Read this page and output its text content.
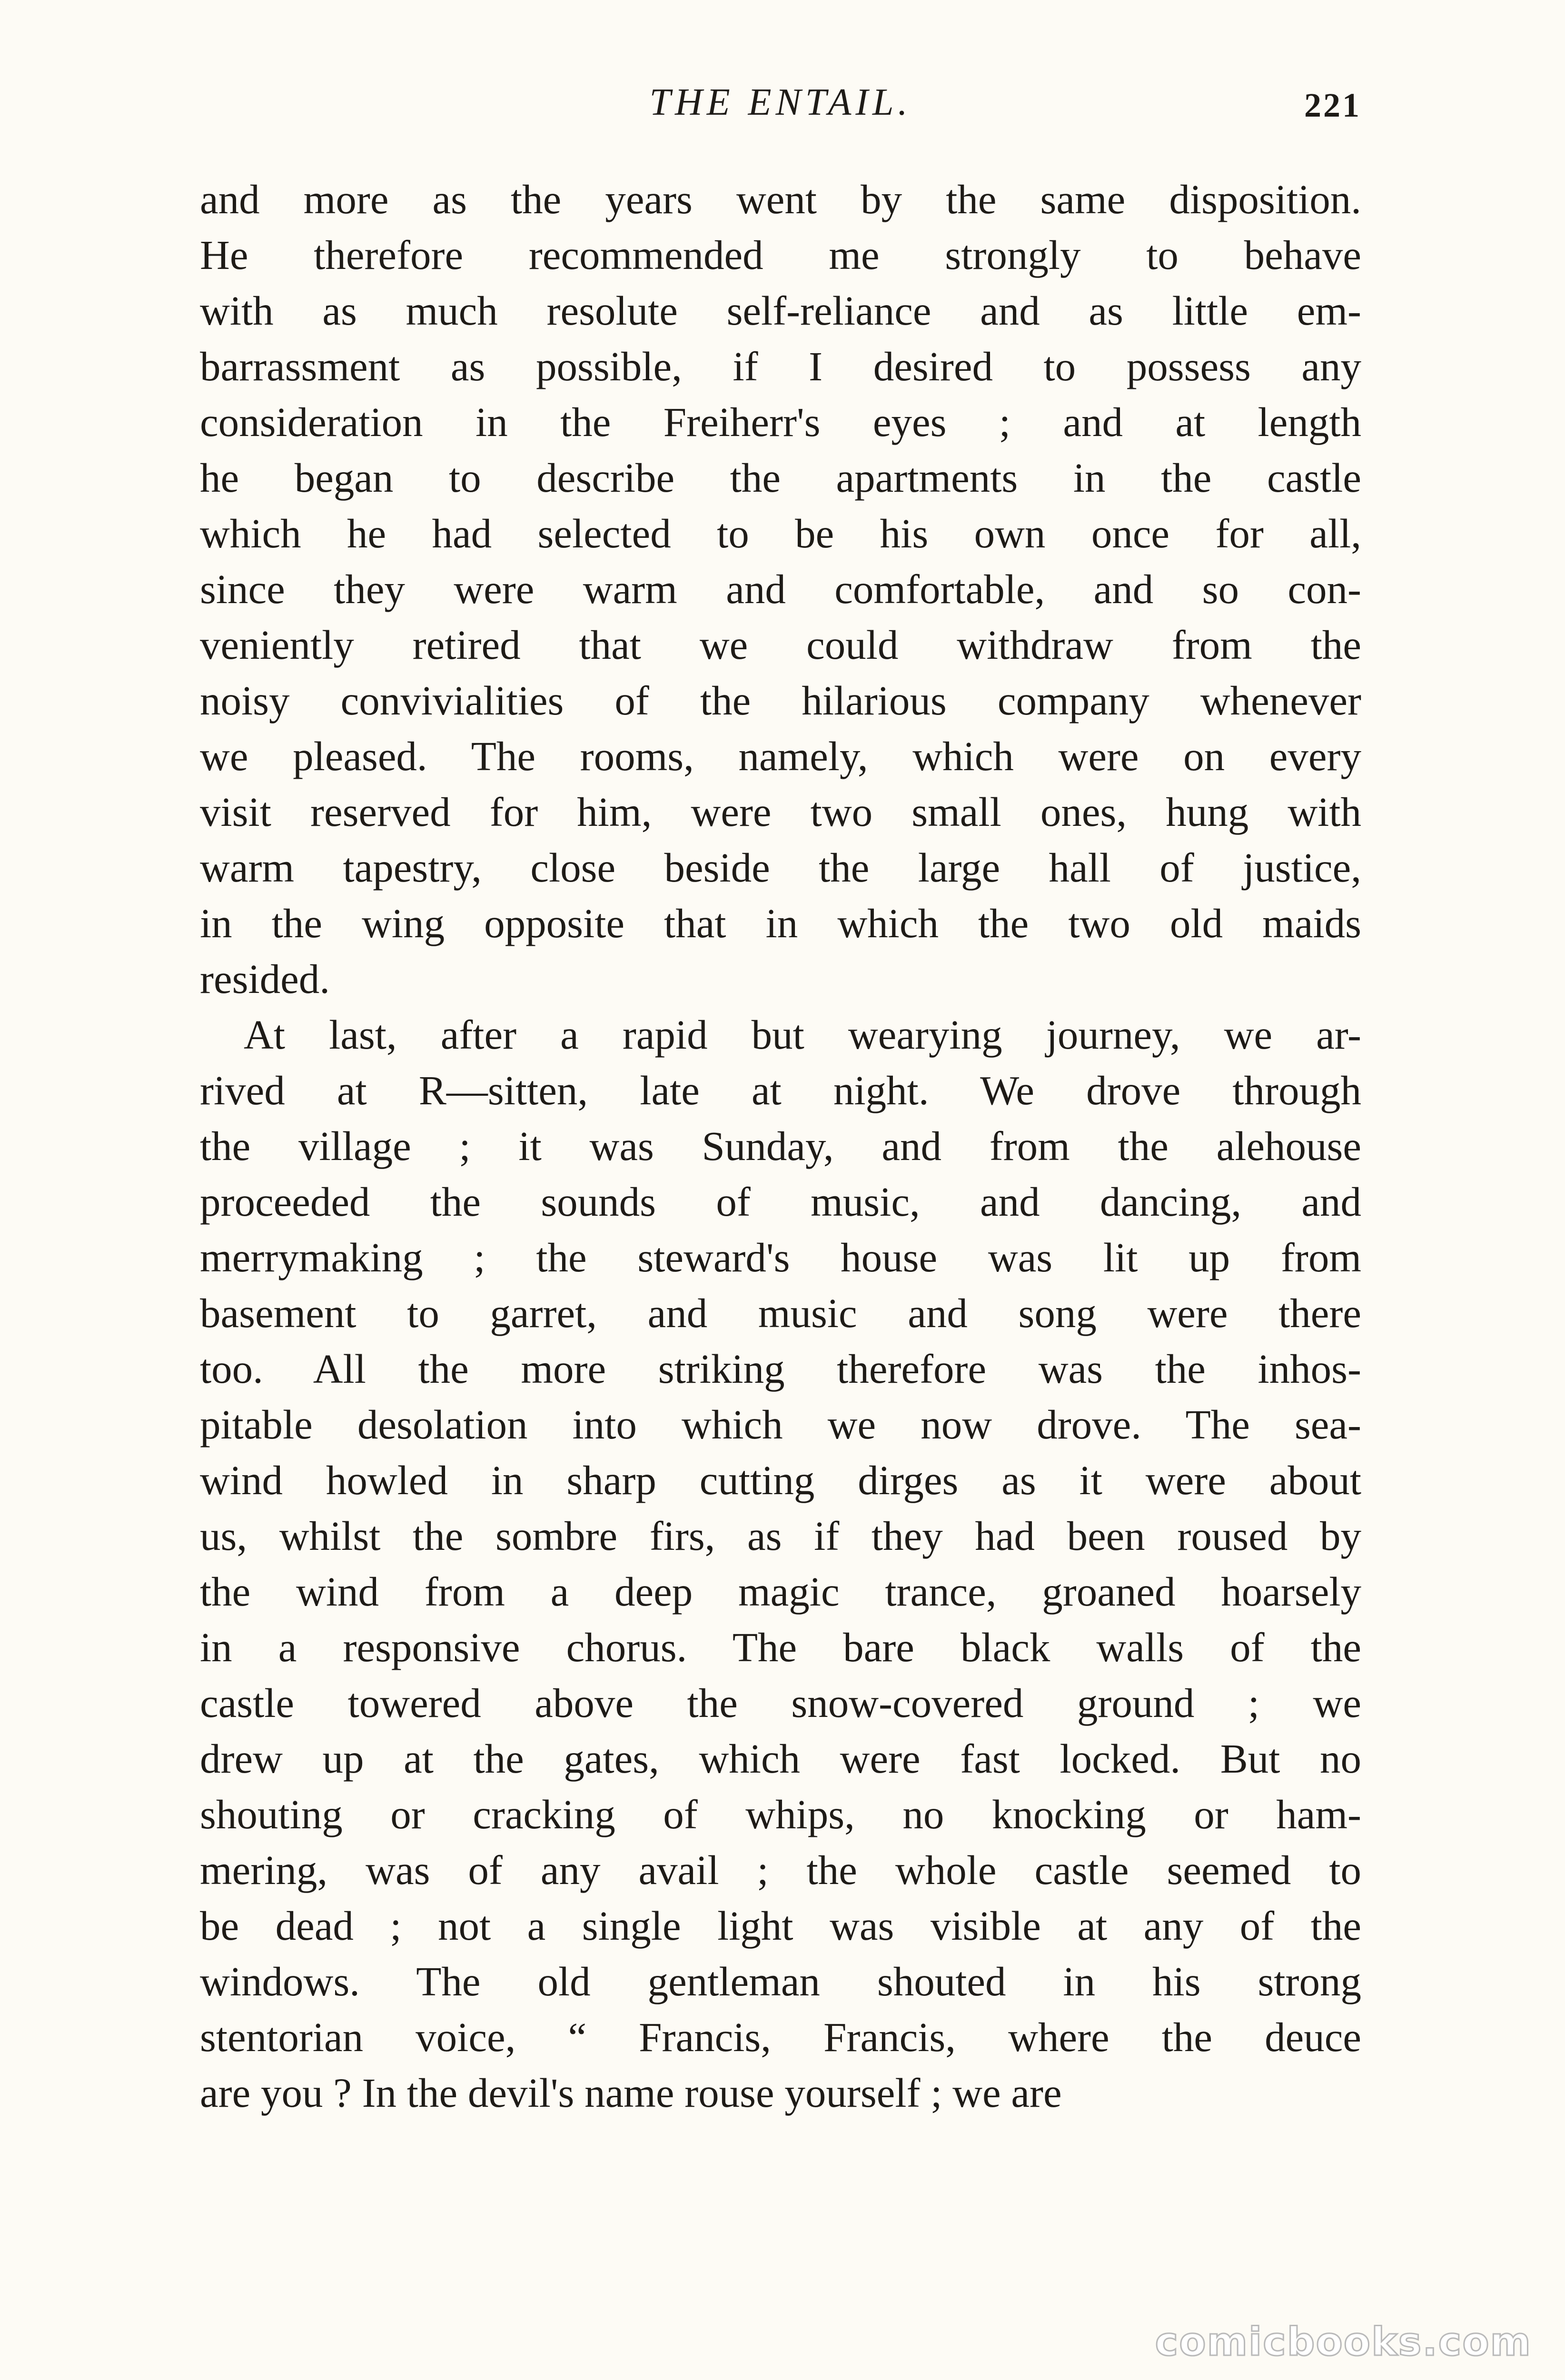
THE ENTAIL.	221
and more as the years went by the same disposition.
He therefore recommended me strongly to behave
with as much resolute self-reliance and as little em-
barrassment as possible, if I desired to possess any
consideration in the Freiherr's eyes ; and at length
he began to describe the apartments in the castle
which he had selected to be his own once for all,
since they were warm and comfortable, and so con-
veniently retired that we could withdraw from the
noisy convivialities of the hilarious company whenever
we pleased. The rooms, namely, which were on every
visit reserved for him, were two small ones, hung with
warm tapestry, close beside the large hall of justice,
in the wing opposite that in which the two old maids
resided.
At last, after a rapid but wearying journey, we ar-
rived at R—sitten, late at night. We drove through
the village ; it was Sunday, and from the alehouse
proceeded the sounds of music, and dancing, and
merrymaking ; the steward's house was lit up from
basement to garret, and music and song were there
too. All the more striking therefore was the inhos-
pitable desolation into which we now drove. The sea-
wind howled in sharp cutting dirges as it were about
us, whilst the sombre firs, as if they had been roused by
the wind from a deep magic trance, groaned hoarsely
in a responsive chorus. The bare black walls of the
castle towered above the snow-covered ground ; we
drew up at the gates, which were fast locked. But no
shouting or cracking of whips, no knocking or ham-
mering, was of any avail ; the whole castle seemed to
be dead ; not a single light was visible at any of the
windows. The old gentleman shouted in his strong
stentorian voice, “ Francis, Francis, where the deuce
are you ? In the devil's name rouse yourself ; we are
comicbooks.com
